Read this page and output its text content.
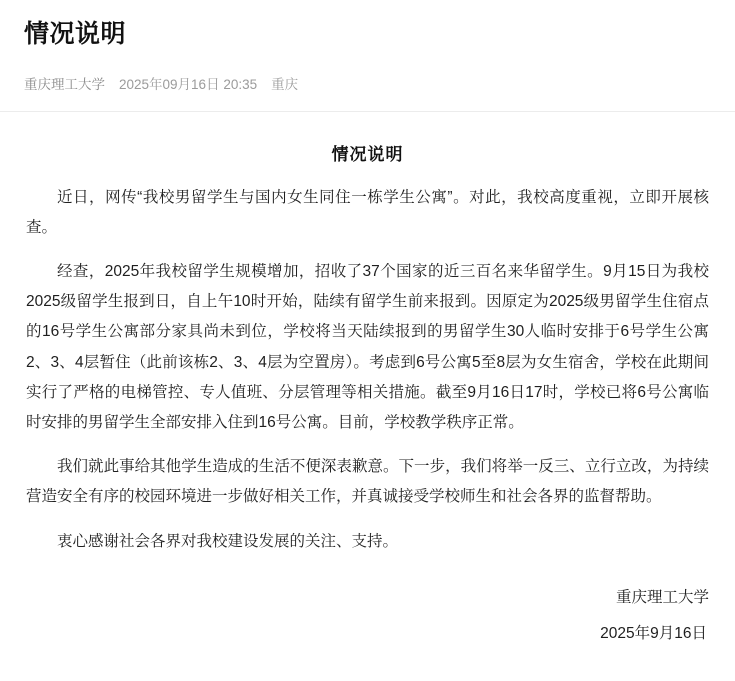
情况说明
重庆理工大学 2025年09月16日 20:35 重庆
情况说明

近日，网传“我校男留学生与国内女生同住一栋学生公寓”。对此，我校高度重视，立即开展核查。

经查，2025年我校留学生规模增加，招收了37个国家的近三百名来华留学生。9月15日为我校2025级留学生报到日，自上午10时开始，陆续有留学生前来报到。因原定为2025级男留学生住宿点的16号学生公寓部分家具尚未到位，学校将当天陆续报到的男留学生30人临时安排于6号学生公寓2、3、4层暂住（此前该栋2、3、4层为空置房）。考虑到6号公寓5至8层为女生宿舍，学校在此期间实行了严格的电梯管控、专人值班、分层管理等相关措施。截至9月16日17时，学校已将6号公寓临时安排的男留学生全部安排入住到16号公寓。目前，学校教学秩序正常。

我们就此事给其他学生造成的生活不便深表歉意。下一步，我们将举一反三、立行立改，为持续营造安全有序的校园环境进一步做好相关工作，并真诚接受学校师生和社会各界的监督帮助。

衷心感谢社会各界对我校建设发展的关注、支持。

重庆理工大学
2025年9月16日
